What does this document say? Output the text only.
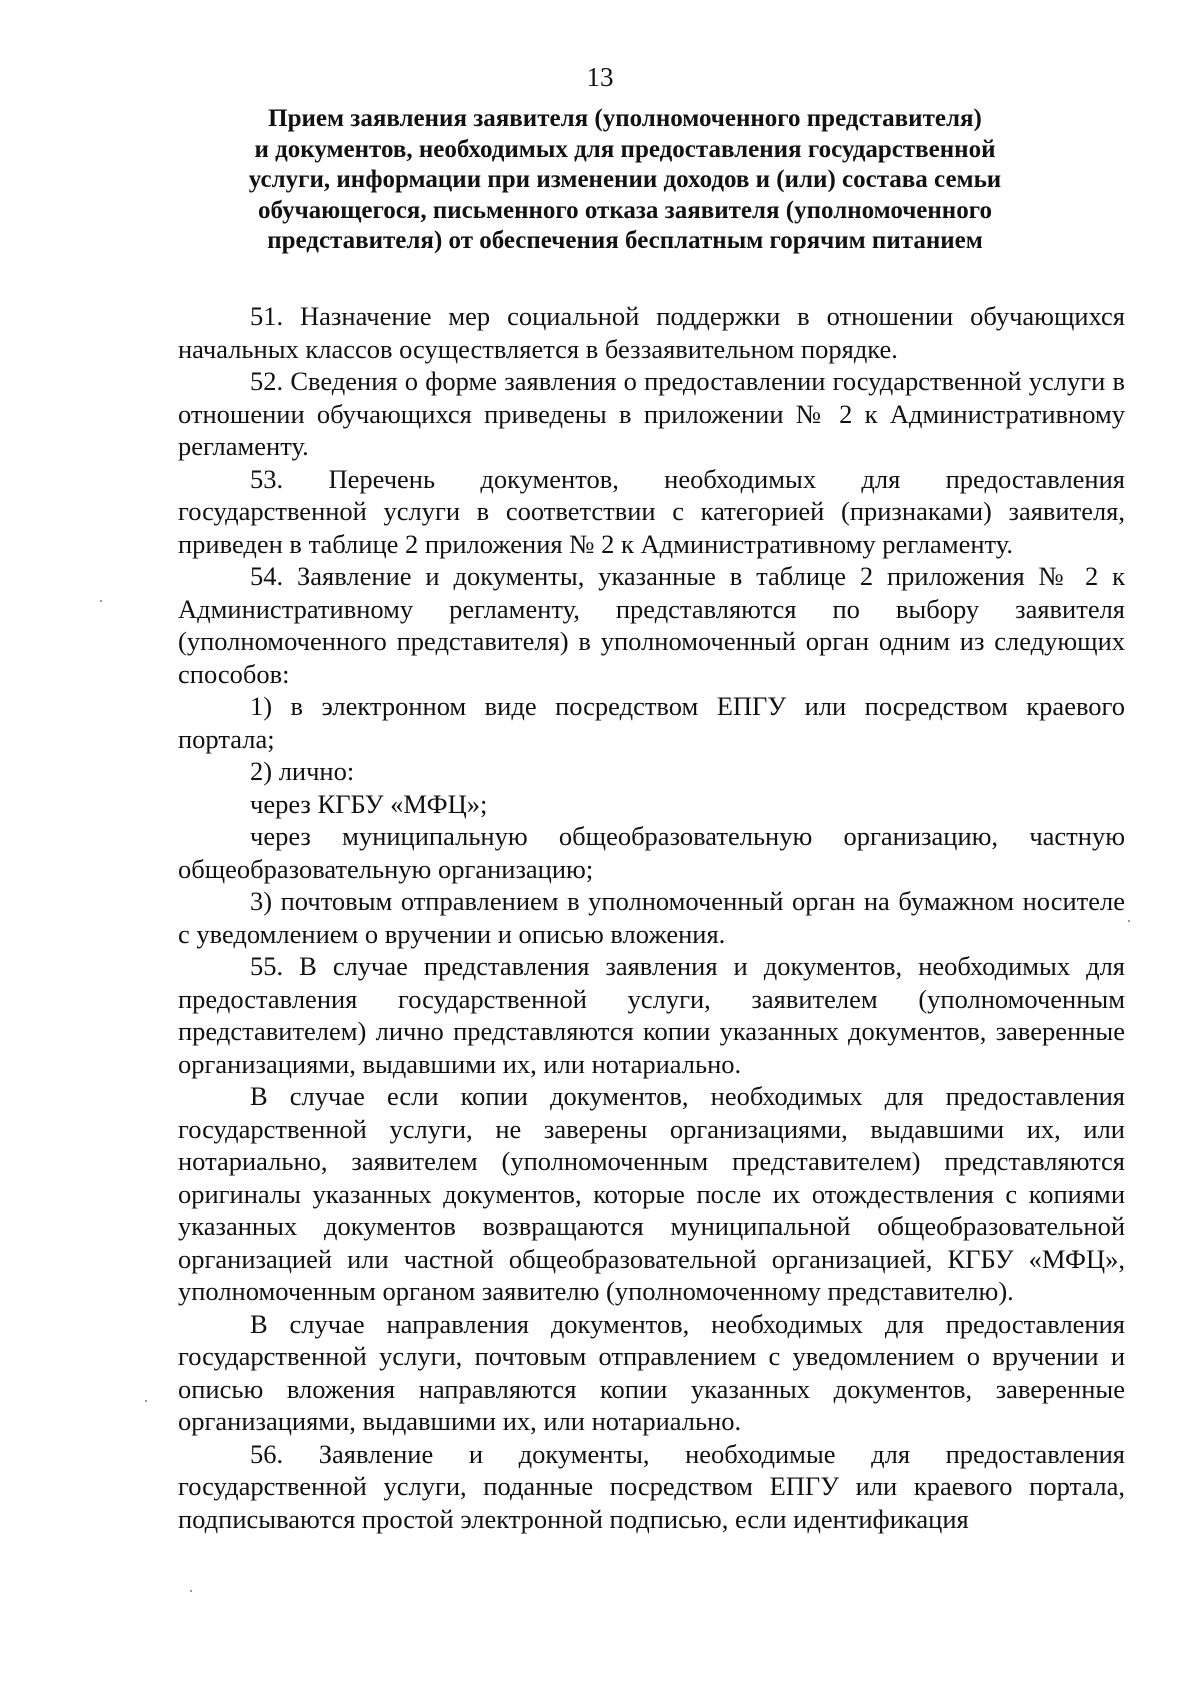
13
Прием заявления заявителя (уполномоченного представителя)
и документов, необходимых для предоставления государственной
услуги, информации при изменении доходов и (или) состава семьи
обучающегося, письменного отказа заявителя (уполномоченного
представителя) от обеспечения бесплатным горячим питанием

51. Назначение мер социальной поддержки в отношении обучающихся начальных классов осуществляется в беззаявительном порядке.

52. Сведения о форме заявления о предоставлении государственной услуги в отношении обучающихся приведены в приложении № 2 к Административному регламенту.

53. Перечень документов, необходимых для предоставления государственной услуги в соответствии с категорией (признаками) заявителя, приведен в таблице 2 приложения № 2 к Административному регламенту.

54. Заявление и документы, указанные в таблице 2 приложения № 2 к Административному регламенту, представляются по выбору заявителя (уполномоченного представителя) в уполномоченный орган одним из следующих способов:

1) в электронном виде посредством ЕПГУ или посредством краевого портала;

2) лично:

через КГБУ «МФЦ»;

через муниципальную общеобразовательную организацию, частную общеобразовательную организацию;

3) почтовым отправлением в уполномоченный орган на бумажном носителе с уведомлением о вручении и описью вложения.

55. В случае представления заявления и документов, необходимых для предоставления государственной услуги, заявителем (уполномоченным представителем) лично представляются копии указанных документов, заверенные организациями, выдавшими их, или нотариально.

В случае если копии документов, необходимых для предоставления государственной услуги, не заверены организациями, выдавшими их, или нотариально, заявителем (уполномоченным представителем) представляются оригиналы указанных документов, которые после их отождествления с копиями указанных документов возвращаются муниципальной общеобразовательной организацией или частной общеобразовательной организацией, КГБУ «МФЦ», уполномоченным органом заявителю (уполномоченному представителю).

В случае направления документов, необходимых для предоставления государственной услуги, почтовым отправлением с уведомлением о вручении и описью вложения направляются копии указанных документов, заверенные организациями, выдавшими их, или нотариально.

56. Заявление и документы, необходимые для предоставления государственной услуги, поданные посредством ЕПГУ или краевого портала, подписываются простой электронной подписью, если идентификация
